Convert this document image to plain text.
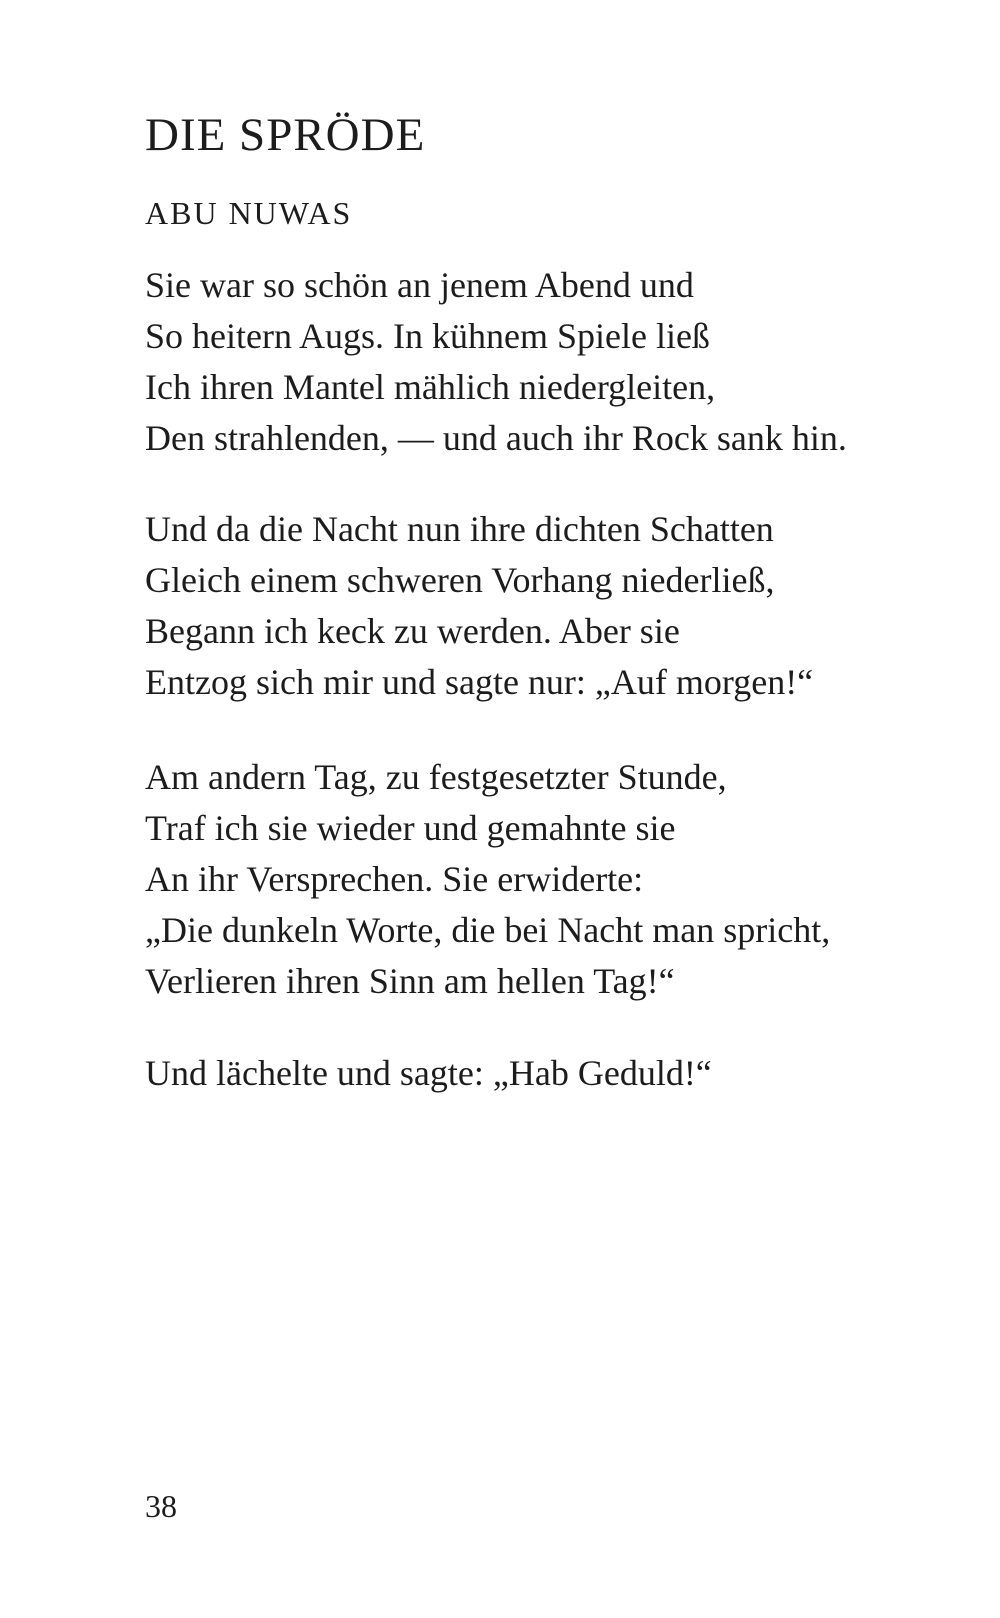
DIE SPRÖDE
ABU NUWAS
Sie war so schön an jenem Abend und
So heitern Augs. In kühnem Spiele ließ
Ich ihren Mantel mählich niedergleiten,
Den strahlenden, — und auch ihr Rock sank hin.
Und da die Nacht nun ihre dichten Schatten
Gleich einem schweren Vorhang niederließ,
Begann ich keck zu werden. Aber sie
Entzog sich mir und sagte nur: „Auf morgen!“
Am andern Tag, zu festgesetzter Stunde,
Traf ich sie wieder und gemahnte sie
An ihr Versprechen. Sie erwiderte:
„Die dunkeln Worte, die bei Nacht man spricht,
Verlieren ihren Sinn am hellen Tag!“
Und lächelte und sagte: „Hab Geduld!“
38
